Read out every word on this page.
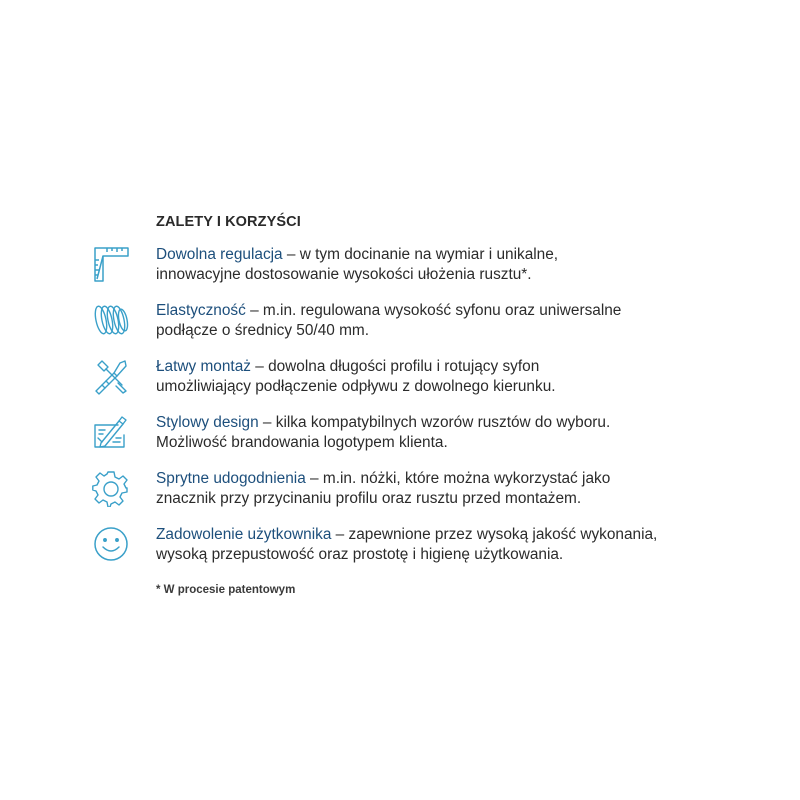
ZALETY I KORZYŚCI
Dowolna regulacja – w tym docinanie na wymiar i unikalne,
innowacyjne dostosowanie wysokości ułożenia rusztu*.
Elastyczność – m.in. regulowana wysokość syfonu oraz uniwersalne
podłącze o średnicy 50/40 mm.
Łatwy montaż – dowolna długości profilu i rotujący syfon
umożliwiający podłączenie odpływu z dowolnego kierunku.
Stylowy design – kilka kompatybilnych wzorów rusztów do wyboru.
Możliwość brandowania logotypem klienta.
Sprytne udogodnienia – m.in. nóżki, które można wykorzystać jako
znacznik przy przycinaniu profilu oraz rusztu przed montażem.
Zadowolenie użytkownika – zapewnione przez wysoką jakość wykonania,
wysoką przepustowość oraz prostotę i higienę użytkowania.
* W procesie patentowym
